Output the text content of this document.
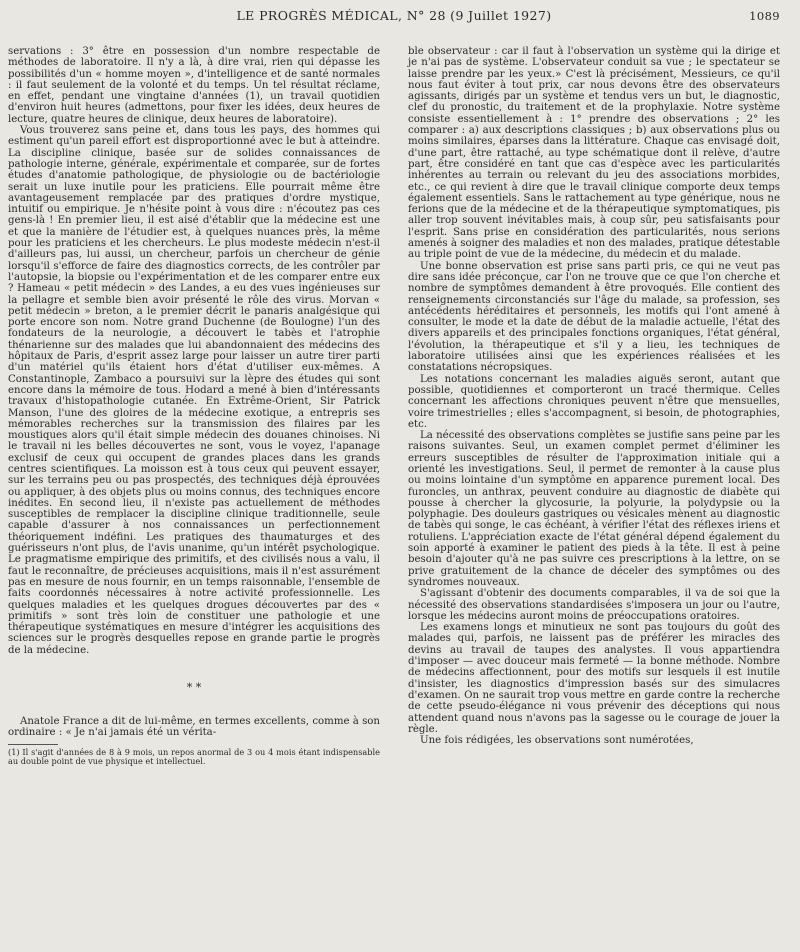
LE PROGRÈS MÉDICAL, N° 28 (9 Juillet 1927)	1089

servations : 3° être en possession d'un nombre respectable de méthodes de laboratoire. Il n'y a là, à dire vrai, rien qui dépasse les possibilités d'un « homme moyen », d'intelligence et de santé normales : il faut seulement de la volonté et du temps. Un tel résultat réclame, en effet, pendant une vingtaine d'années (1), un travail quotidien d'environ huit heures (admettons, pour fixer les idées, deux heures de lecture, quatre heures de clinique, deux heures de laboratoire).

Vous trouverez sans peine et, dans tous les pays, des hommes qui estiment qu'un pareil effort est disproportionné avec le but à atteindre. La discipline clinique, basée sur de solides connaissances de pathologie interne, générale, expérimentale et comparée, sur de fortes études d'anatomie pathologique, de physiologie ou de bactériologie serait un luxe inutile pour les praticiens. Elle pourrait même être avantageusement remplacée par des pratiques d'ordre mystique, intuitif ou empirique. Je n'hésite point à vous dire : n'écoutez pas ces gens-là ! En premier lieu, il est aisé d'établir que la médecine est une et que la manière de l'étudier est, à quelques nuances près, la même pour les praticiens et les chercheurs. Le plus modeste médecin n'est-il d'ailleurs pas, lui aussi, un chercheur, parfois un chercheur de génie lorsqu'il s'efforce de faire des diagnostics corrects, de les contrôler par l'autopsie, la biopsie ou l'expérimentation et de les comparer entre eux ? Hameau « petit médecin » des Landes, a eu des vues ingénieuses sur la pellagre et semble bien avoir présenté le rôle des virus. Morvan « petit médecin » breton, a le premier décrit le panaris analgésique qui porte encore son nom. Notre grand Duchenne (de Boulogne) l'un des fondateurs de la neurologie, a découvert le tabès et l'atrophie thénarienne sur des malades que lui abandonnaient des médecins des hôpitaux de Paris, d'esprit assez large pour laisser un autre tirer parti d'un matériel qu'ils étaient hors d'état d'utiliser eux-mêmes. A Constantinople, Zambaco a poursuivi sur la lèpre des études qui sont encore dans la mémoire de tous. Hodard a mené à bien d'intéressants travaux d'histopathologie cutanée. En Extrême-Orient, Sir Patrick Manson, l'une des gloires de la médecine exotique, a entrepris ses mémorables recherches sur la transmission des filaires par les moustiques alors qu'il était simple médecin des douanes chinoises. Ni le travail ni les belles découvertes ne sont, vous le voyez, l'apanage exclusif de ceux qui occupent de grandes places dans les grands centres scientifiques. La moisson est à tous ceux qui peuvent essayer, sur les terrains peu ou pas prospectés, des techniques déjà éprouvées ou appliquer, à des objets plus ou moins connus, des techniques encore inédites. En second lieu, il n'existe pas actuellement de méthodes susceptibles de remplacer la discipline clinique traditionnelle, seule capable d'assurer à nos connaissances un perfectionnement théoriquement indéfini. Les pratiques des thaumaturges et des guérisseurs n'ont plus, de l'avis unanime, qu'un intérêt psychologique. Le pragmatisme empirique des primitifs, et des civilisés nous a valu, il faut le reconnaître, de précieuses acquisitions, mais il n'est assurément pas en mesure de nous fournir, en un temps raisonnable, l'ensemble de faits coordonnés nécessaires à notre activité professionnelle. Les quelques maladies et les quelques drogues découvertes par des « primitifs » sont très loin de constituer une pathologie et une thérapeutique systématiques en mesure d'intégrer les acquisitions des sciences sur le progrès desquelles repose en grande partie le progrès de la médecine.

* *

Anatole France a dit de lui-même, en termes excellents, comme à son ordinaire : « Je n'ai jamais été un vérita-

(1) Il s'agit d'années de 8 à 9 mois, un repos anormal de 3 ou 4 mois étant indispensable au double point de vue physique et intellectuel.

ble observateur : car il faut à l'observation un système qui la dirige et je n'ai pas de système. L'observateur conduit sa vue ; le spectateur se laisse prendre par les yeux.» C'est là précisément, Messieurs, ce qu'il nous faut éviter à tout prix, car nous devons être des observateurs agissants, dirigés par un système et tendus vers un but, le diagnostic, clef du pronostic, du traitement et de la prophylaxie. Notre système consiste essentiellement à : 1° prendre des observations ; 2° les comparer : a) aux descriptions classiques ; b) aux observations plus ou moins similaires, éparses dans la littérature. Chaque cas envisagé doit, d'une part, être rattaché, au type schématique dont il relève, d'autre part, être considéré en tant que cas d'espèce avec les particularités inhérentes au terrain ou relevant du jeu des associations morbides, etc., ce qui revient à dire que le travail clinique comporte deux temps également essentiels. Sans le rattachement au type générique, nous ne ferions que de la médecine et de la thérapeutique symptomatiques, pis aller trop souvent inévitables mais, à coup sûr, peu satisfaisants pour l'esprit. Sans prise en considération des particularités, nous serions amenés à soigner des maladies et non des malades, pratique détestable au triple point de vue de la médecine, du médecin et du malade.

Une bonne observation est prise sans parti pris, ce qui ne veut pas dire sans idée préconçue, car l'on ne trouve que ce que l'on cherche et nombre de symptômes demandent à être provoqués. Elle contient des renseignements circonstanciés sur l'âge du malade, sa profession, ses antécédents héréditaires et personnels, les motifs qui l'ont amené à consulter, le mode et la date de début de la maladie actuelle, l'état des divers appareils et des principales fonctions organiques, l'état général, l'évolution, la thérapeutique et s'il y a lieu, les techniques de laboratoire utilisées ainsi que les expériences réalisées et les constatations nécropsiques.

Les notations concernant les maladies aiguës seront, autant que possible, quotidiennes et comporteront un tracé thermique. Celles concernant les affections chroniques peuvent n'être que mensuelles, voire trimestrielles ; elles s'accompagnent, si besoin, de photographies, etc.

La nécessité des observations complètes se justifie sans peine par les raisons suivantes. Seul, un examen complet permet d'éliminer les erreurs susceptibles de résulter de l'approximation initiale qui a orienté les investigations. Seul, il permet de remonter à la cause plus ou moins lointaine d'un symptôme en apparence purement local. Des furoncles, un anthrax, peuvent conduire au diagnostic de diabète qui pousse à chercher la glycosurie, la polyurie, la polydypsie ou la polyphagie. Des douleurs gastriques ou vésicales mènent au diagnostic de tabès qui songe, le cas échéant, à vérifier l'état des réflexes iriens et rotuliens. L'appréciation exacte de l'état général dépend également du soin apporté à examiner le patient des pieds à la tête. Il est à peine besoin d'ajouter qu'à ne pas suivre ces prescriptions à la lettre, on se prive gratuitement de la chance de déceler des symptômes ou des syndromes nouveaux.

S'agissant d'obtenir des documents comparables, il va de soi que la nécessité des observations standardisées s'imposera un jour ou l'autre, lorsque les médecins auront moins de préoccupations oratoires.

Les examens longs et minutieux ne sont pas toujours du goût des malades qui, parfois, ne laissent pas de préférer les miracles des devins au travail de taupes des analystes. Il vous appartiendra d'imposer — avec douceur mais fermeté — la bonne méthode. Nombre de médecins affectionnent, pour des motifs sur lesquels il est inutile d'insister, les diagnostics d'impression basés sur des simulacres d'examen. On ne saurait trop vous mettre en garde contre la recherche de cette pseudo-élégance ni vous prévenir des déceptions qui nous attendent quand nous n'avons pas la sagesse ou le courage de jouer la règle.

Une fois rédigées, les observations sont numérotées,
